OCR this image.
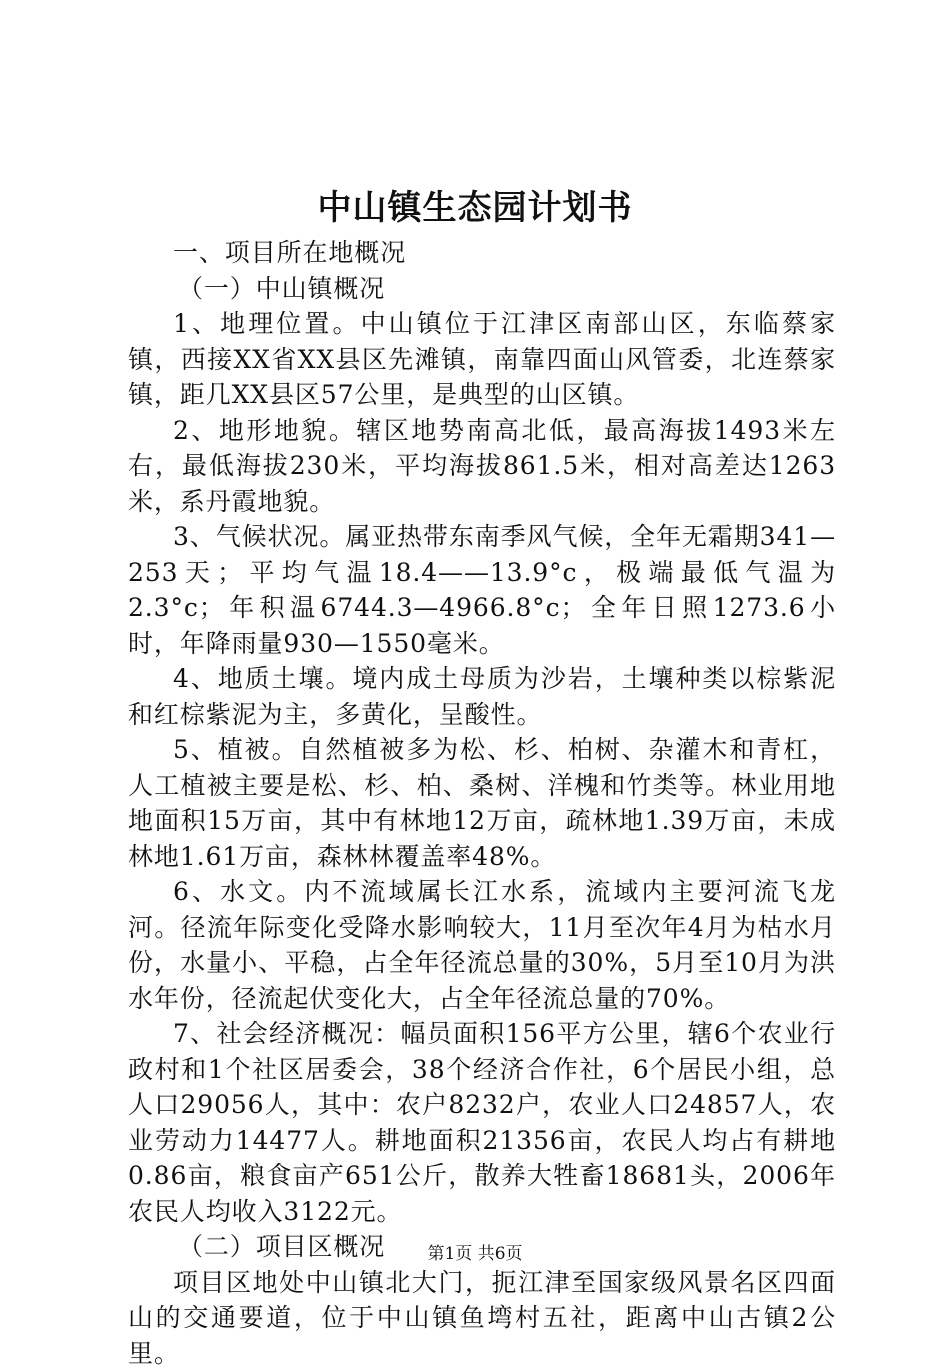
中山镇生态园计划书

一、项目所在地概况

（一）中山镇概况

1、地理位置。中山镇位于江津区南部山区，东临蔡家镇，西接XX省XX县区先滩镇，南靠四面山风管委，北连蔡家镇，距几XX县区57公里，是典型的山区镇。

2、地形地貌。辖区地势南高北低，最高海拔1493米左右，最低海拔230米，平均海拔861.5米，相对高差达1263米，系丹霞地貌。

3、气候状况。属亚热带东南季风气候，全年无霜期341—253天；平均气温18.4——13.9°c，极端最低气温为2.3°c；年积温6744.3—4966.8°c；全年日照1273.6小时，年降雨量930—1550毫米。

4、地质土壤。境内成土母质为沙岩，土壤种类以棕紫泥和红棕紫泥为主，多黄化，呈酸性。

5、植被。自然植被多为松、杉、柏树、杂灌木和青杠，人工植被主要是松、杉、柏、桑树、洋槐和竹类等。林业用地地面积15万亩，其中有林地12万亩，疏林地1.39万亩，未成林地1.61万亩，森林林覆盖率48%。

6、水文。内不流域属长江水系，流域内主要河流飞龙河。径流年际变化受降水影响较大，11月至次年4月为枯水月份，水量小、平稳，占全年径流总量的30%，5月至10月为洪水年份，径流起伏变化大，占全年径流总量的70%。

7、社会经济概况：幅员面积156平方公里，辖6个农业行政村和1个社区居委会，38个经济合作社，6个居民小组，总人口29056人，其中：农户8232户，农业人口24857人，农业劳动力14477人。耕地面积21356亩，农民人均占有耕地0.86亩，粮食亩产651公斤，散养大牲畜18681头，2006年农民人均收入3122元。

（二）项目区概况

项目区地处中山镇北大门，扼江津至国家级风景名区四面山的交通要道，位于中山镇鱼塆村五社，距离中山古镇2公里。

第1页 共6页
